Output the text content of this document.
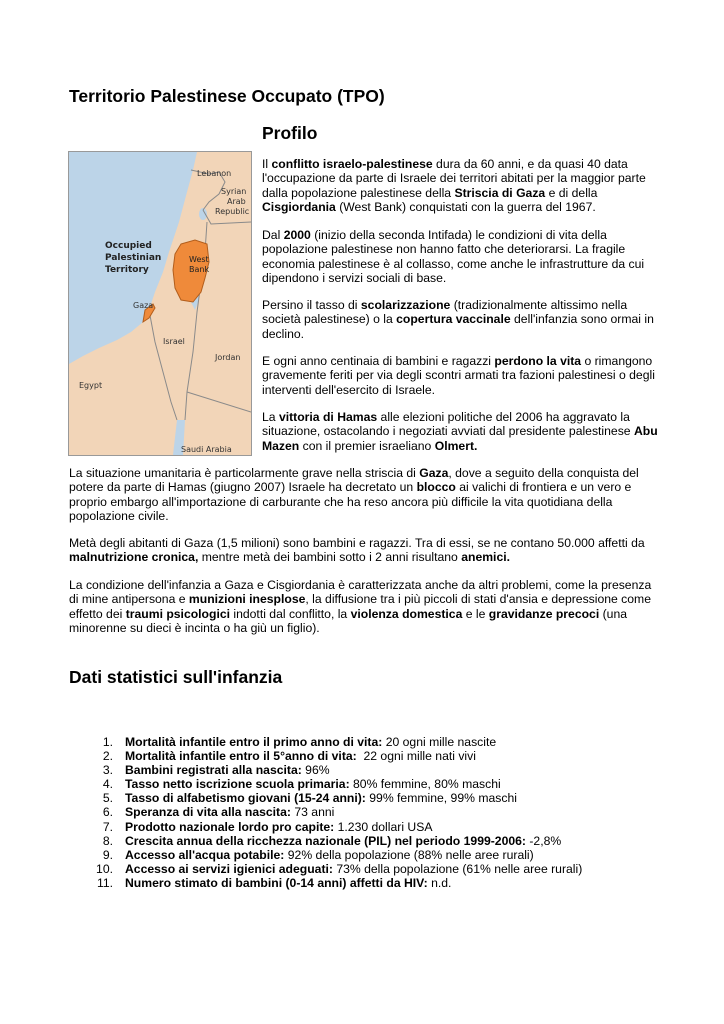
Territorio Palestinese Occupato (TPO)
Profilo
Lebanon
Syrian
Arab
Republic
Occupied
Palestinian
Territory
West
Bank
Gaza
Israel
Jordan
Egypt
Saudi Arabia

Il conflitto israelo-palestinese dura da 60 anni, e da quasi 40 data l'occupazione da parte di Israele dei territori abitati per la maggior parte dalla popolazione palestinese della Striscia di Gaza e di della Cisgiordania (West Bank) conquistati con la guerra del 1967.

Dal 2000 (inizio della seconda Intifada) le condizioni di vita della popolazione palestinese non hanno fatto che deteriorarsi. La fragile economia palestinese è al collasso, come anche le infrastrutture da cui dipendono i servizi sociali di base.

Persino il tasso di scolarizzazione (tradizionalmente altissimo nella società palestinese) o la copertura vaccinale dell'infanzia sono ormai in declino.

E ogni anno centinaia di bambini e ragazzi perdono la vita o rimangono gravemente feriti per via degli scontri armati tra fazioni palestinesi o degli interventi dell'esercito di Israele.

La vittoria di Hamas alle elezioni politiche del 2006 ha aggravato la situazione, ostacolando i negoziati avviati dal presidente palestinese Abu Mazen con il premier israeliano Olmert.

La situazione umanitaria è particolarmente grave nella striscia di Gaza, dove a seguito della conquista del potere da parte di Hamas (giugno 2007) Israele ha decretato un blocco ai valichi di frontiera e un vero e proprio embargo all'importazione di carburante che ha reso ancora più difficile la vita quotidiana della popolazione civile.

Metà degli abitanti di Gaza (1,5 milioni) sono bambini e ragazzi. Tra di essi, se ne contano 50.000 affetti da malnutrizione cronica, mentre metà dei bambini sotto i 2 anni risultano anemici.

La condizione dell'infanzia a Gaza e Cisgiordania è caratterizzata anche da altri problemi, come la presenza di mine antipersona e munizioni inesplose, la diffusione tra i più piccoli di stati d'ansia e depressione come effetto dei traumi psicologici indotti dal conflitto, la violenza domestica e le gravidanze precoci (una minorenne su dieci è incinta o ha giù un figlio).

Dati statistici sull'infanzia
1. Mortalità infantile entro il primo anno di vita: 20 ogni mille nascite
2. Mortalità infantile entro il 5°anno di vita:  22 ogni mille nati vivi
3. Bambini registrati alla nascita: 96%
4. Tasso netto iscrizione scuola primaria: 80% femmine, 80% maschi
5. Tasso di alfabetismo giovani (15-24 anni): 99% femmine, 99% maschi
6. Speranza di vita alla nascita: 73 anni
7. Prodotto nazionale lordo pro capite: 1.230 dollari USA
8. Crescita annua della ricchezza nazionale (PIL) nel periodo 1999-2006: -2,8%
9. Accesso all'acqua potabile: 92% della popolazione (88% nelle aree rurali)
10. Accesso ai servizi igienici adeguati: 73% della popolazione (61% nelle aree rurali)
11. Numero stimato di bambini (0-14 anni) affetti da HIV: n.d.
